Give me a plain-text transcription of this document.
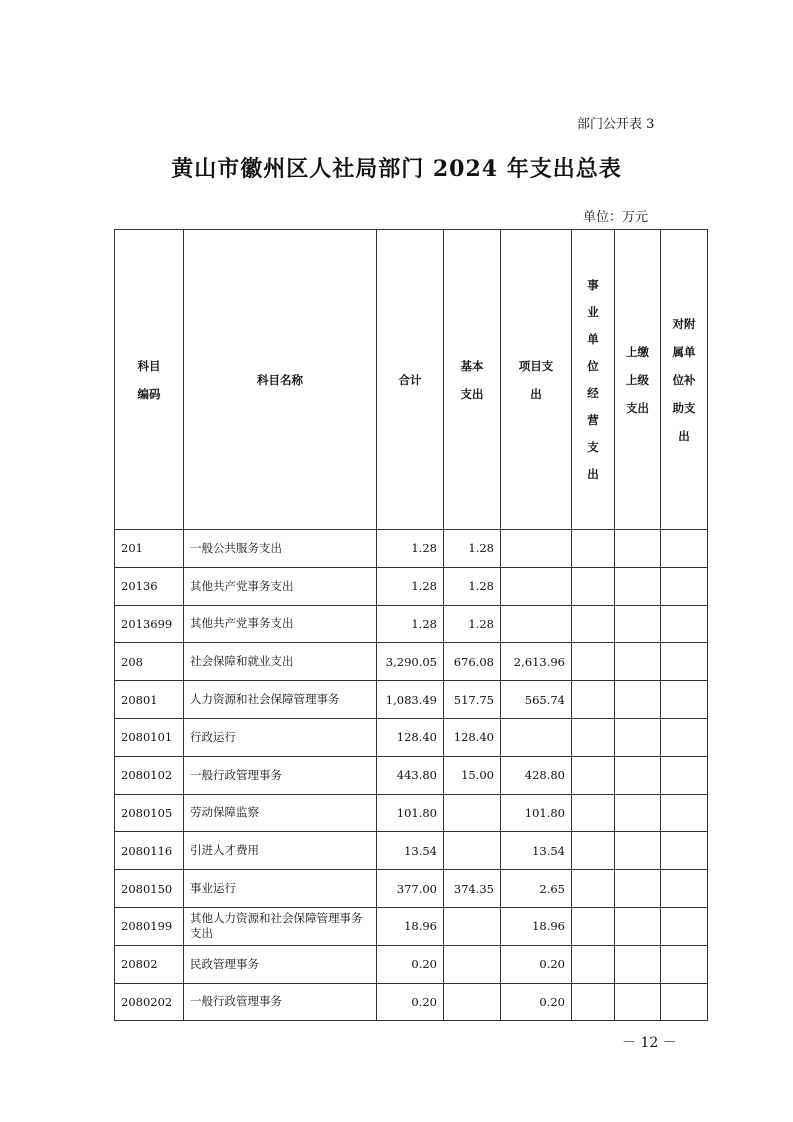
部门公开表 3
黄山市徽州区人社局部门 2024 年支出总表
单位：万元
科目编码	科目名称	合计	基本支出	项目支出	事业单位经营支出	上缴上级支出	对附属单位补助支出
201	一般公共服务支出	1.28	1.28				
20136	其他共产党事务支出	1.28	1.28				
2013699	其他共产党事务支出	1.28	1.28				
208	社会保障和就业支出	3,290.05	676.08	2,613.96			
20801	人力资源和社会保障管理事务	1,083.49	517.75	565.74			
2080101	行政运行	128.40	128.40				
2080102	一般行政管理事务	443.80	15.00	428.80			
2080105	劳动保障监察	101.80		101.80			
2080116	引进人才费用	13.54		13.54			
2080150	事业运行	377.00	374.35	2.65			
2080199	其他人力资源和社会保障管理事务支出	18.96		18.96			
20802	民政管理事务	0.20		0.20			
2080202	一般行政管理事务	0.20		0.20			
－ 12 －
